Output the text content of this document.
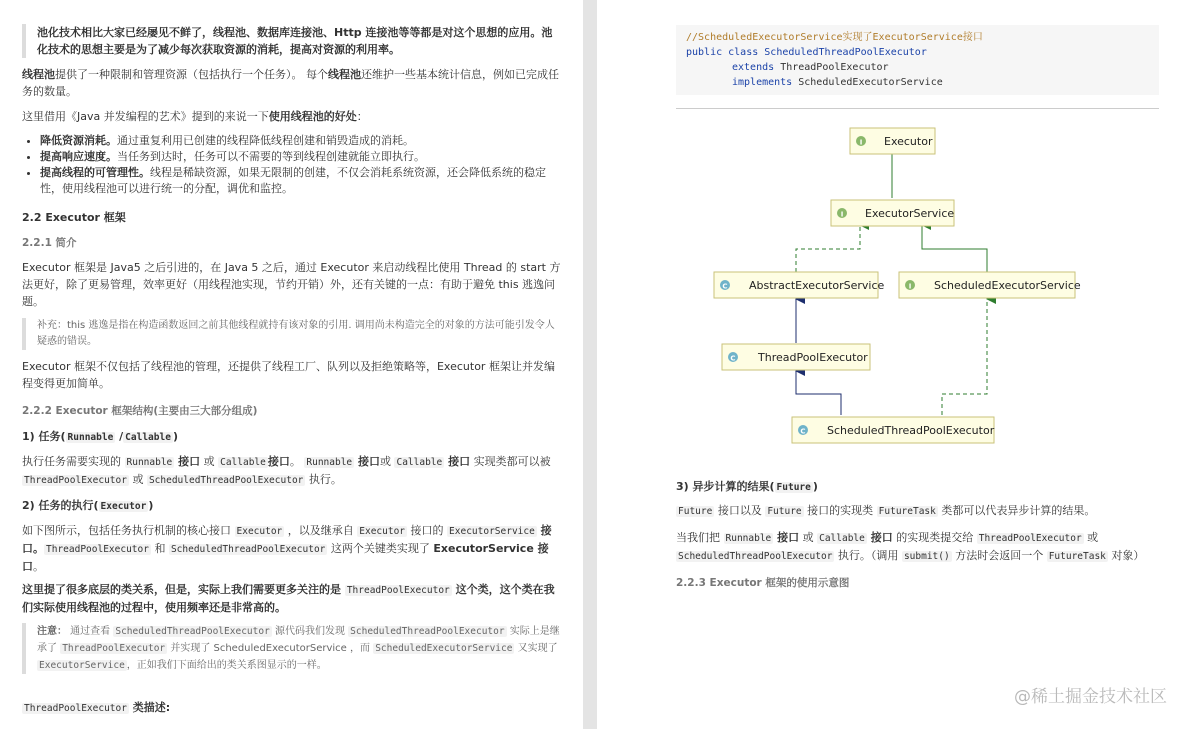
池化技术相比大家已经屡见不鲜了，线程池、数据库连接池、Http 连接池等等都是对这个思想的应用。池化技术的思想主要是为了减少每次获取资源的消耗，提高对资源的利用率。

线程池提供了一种限制和管理资源（包括执行一个任务）。 每个线程池还维护一些基本统计信息，例如已完成任务的数量。

这里借用《Java 并发编程的艺术》提到的来说一下使用线程池的好处：

• 降低资源消耗。通过重复利用已创建的线程降低线程创建和销毁造成的消耗。
• 提高响应速度。当任务到达时，任务可以不需要的等到线程创建就能立即执行。
• 提高线程的可管理性。线程是稀缺资源，如果无限制的创建，不仅会消耗系统资源，还会降低系统的稳定性，使用线程池可以进行统一的分配，调优和监控。
2.2 Executor 框架
2.2.1 简介

Executor 框架是 Java5 之后引进的，在 Java 5 之后，通过 Executor 来启动线程比使用 Thread 的 start 方法更好，除了更易管理，效率更好（用线程池实现，节约开销）外，还有关键的一点：有助于避免 this 逃逸问题。

补充：this 逃逸是指在构造函数返回之前其他线程就持有该对象的引用. 调用尚未构造完全的对象的方法可能引发令人疑惑的错误。

Executor 框架不仅包括了线程池的管理，还提供了线程工厂、队列以及拒绝策略等，Executor 框架让并发编程变得更加简单。

2.2.2 Executor 框架结构(主要由三大部分组成)
1) 任务( Runnable / Callable )

执行任务需要实现的 Runnable 接口 或 Callable 接口。 Runnable 接口或 Callable 接口 实现类都可以被 ThreadPoolExecutor 或 ScheduledThreadPoolExecutor 执行。

2) 任务的执行( Executor )

如下图所示，包括任务执行机制的核心接口 Executor ，以及继承自 Executor 接口的 ExecutorService 接口。 ThreadPoolExecutor 和 ScheduledThreadPoolExecutor 这两个关键类实现了 ExecutorService 接口。

这里提了很多底层的类关系，但是，实际上我们需要更多关注的是 ThreadPoolExecutor 这个类，这个类在我们实际使用线程池的过程中，使用频率还是非常高的。

注意： 通过查看 ScheduledThreadPoolExecutor 源代码我们发现 ScheduledThreadPoolExecutor 实际上是继承了 ThreadPoolExecutor 并实现了 ScheduledExecutorService ，而 ScheduledExecutorService 又实现了 ExecutorService ，正如我们下面给出的类关系图显示的一样。

ThreadPoolExecutor 类描述:

//ScheduledExecutorService实现了ExecutorService接口
public class ScheduledThreadPoolExecutor
extends ThreadPoolExecutor
implements ScheduledExecutorService
I Executor
I ExecutorService
C AbstractExecutorService	I ScheduledExecutorService
C ThreadPoolExecutor
C ScheduledThreadPoolExecutor
3) 异步计算的结果( Future )

Future 接口以及 Future 接口的实现类 FutureTask 类都可以代表异步计算的结果。

当我们把 Runnable 接口 或 Callable 接口 的实现类提交给 ThreadPoolExecutor 或 ScheduledThreadPoolExecutor 执行。（调用 submit() 方法时会返回一个 FutureTask 对象）

2.2.3 Executor 框架的使用示意图
@稀土掘金技术社区
